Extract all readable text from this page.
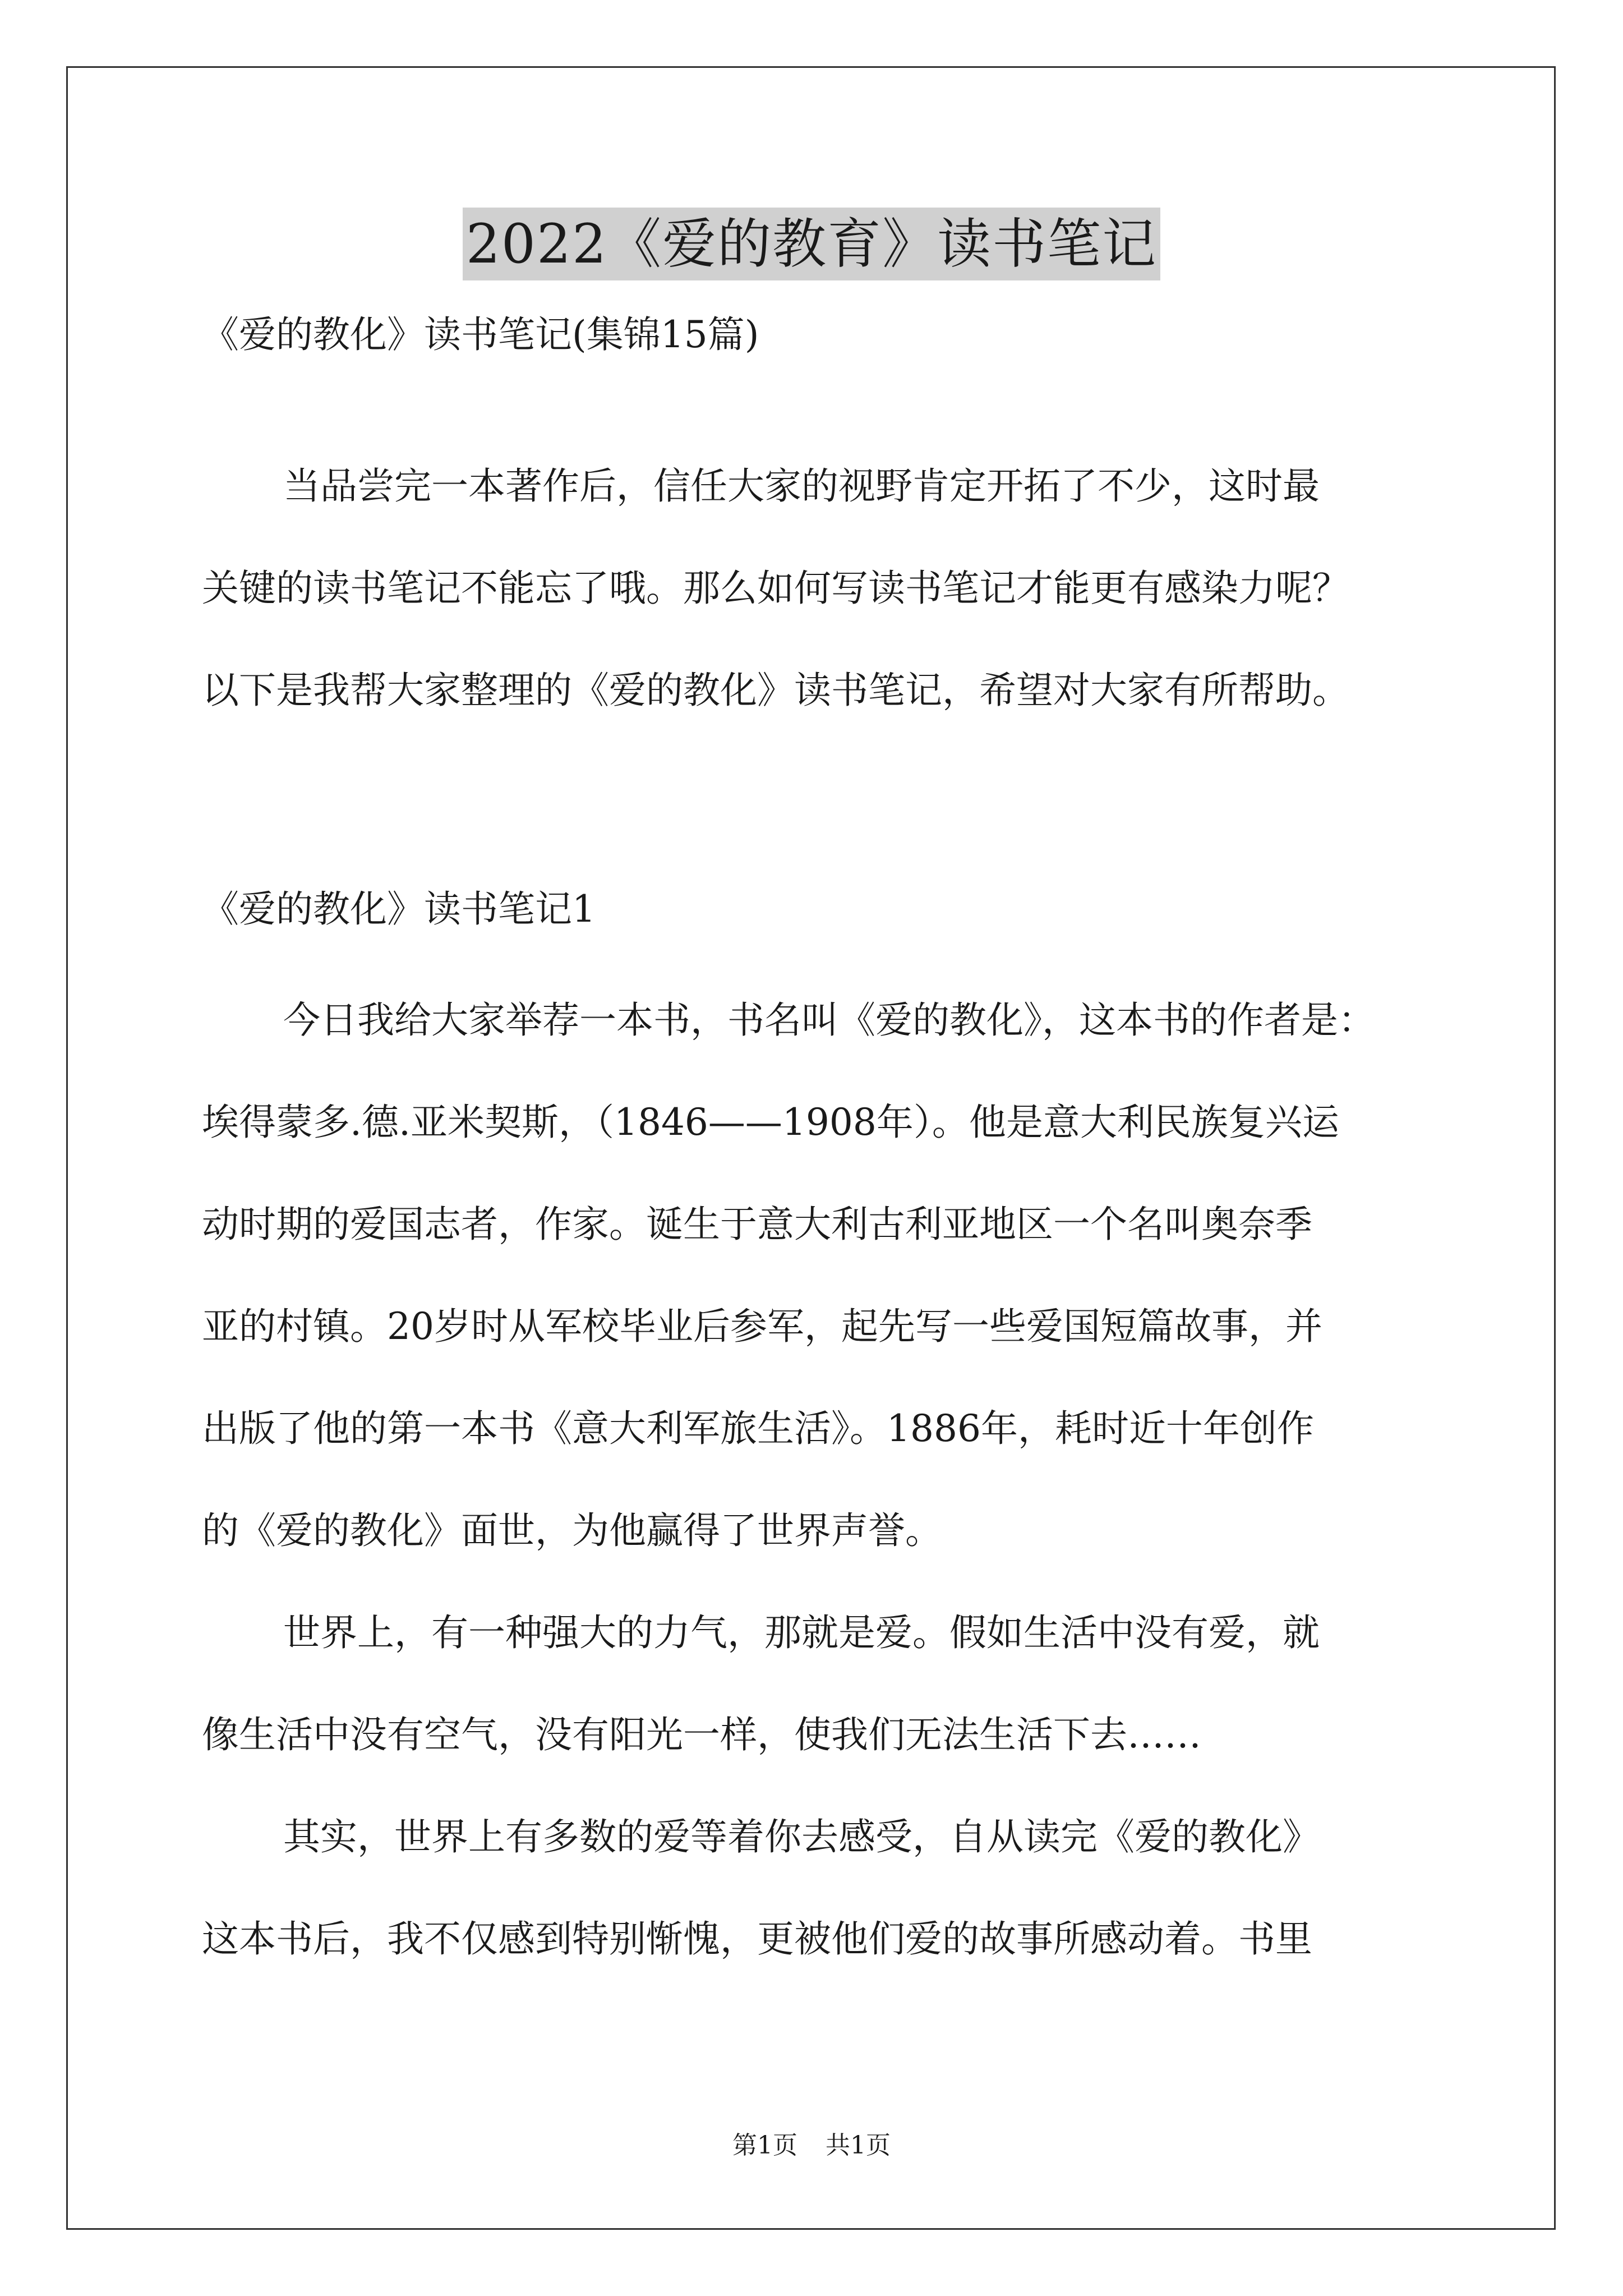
2022《爱的教育》读书笔记
《爱的教化》读书笔记(集锦15篇)
当品尝完一本著作后，信任大家的视野肯定开拓了不少，这时最
关键的读书笔记不能忘了哦。那么如何写读书笔记才能更有感染力呢？
以下是我帮大家整理的《爱的教化》读书笔记，希望对大家有所帮助。
《爱的教化》读书笔记1
今日我给大家举荐一本书，书名叫《爱的教化》，这本书的作者是：
埃得蒙多.德.亚米契斯，（1846——1908年）。他是意大利民族复兴运
动时期的爱国志者，作家。诞生于意大利古利亚地区一个名叫奥奈季
亚的村镇。20岁时从军校毕业后参军，起先写一些爱国短篇故事，并
出版了他的第一本书《意大利军旅生活》。1886年，耗时近十年创作
的《爱的教化》面世，为他赢得了世界声誉。
世界上，有一种强大的力气，那就是爱。假如生活中没有爱，就
像生活中没有空气，没有阳光一样，使我们无法生活下去……
其实，世界上有多数的爱等着你去感受，自从读完《爱的教化》
这本书后，我不仅感到特别惭愧，更被他们爱的故事所感动着。书里
第1页 共1页
